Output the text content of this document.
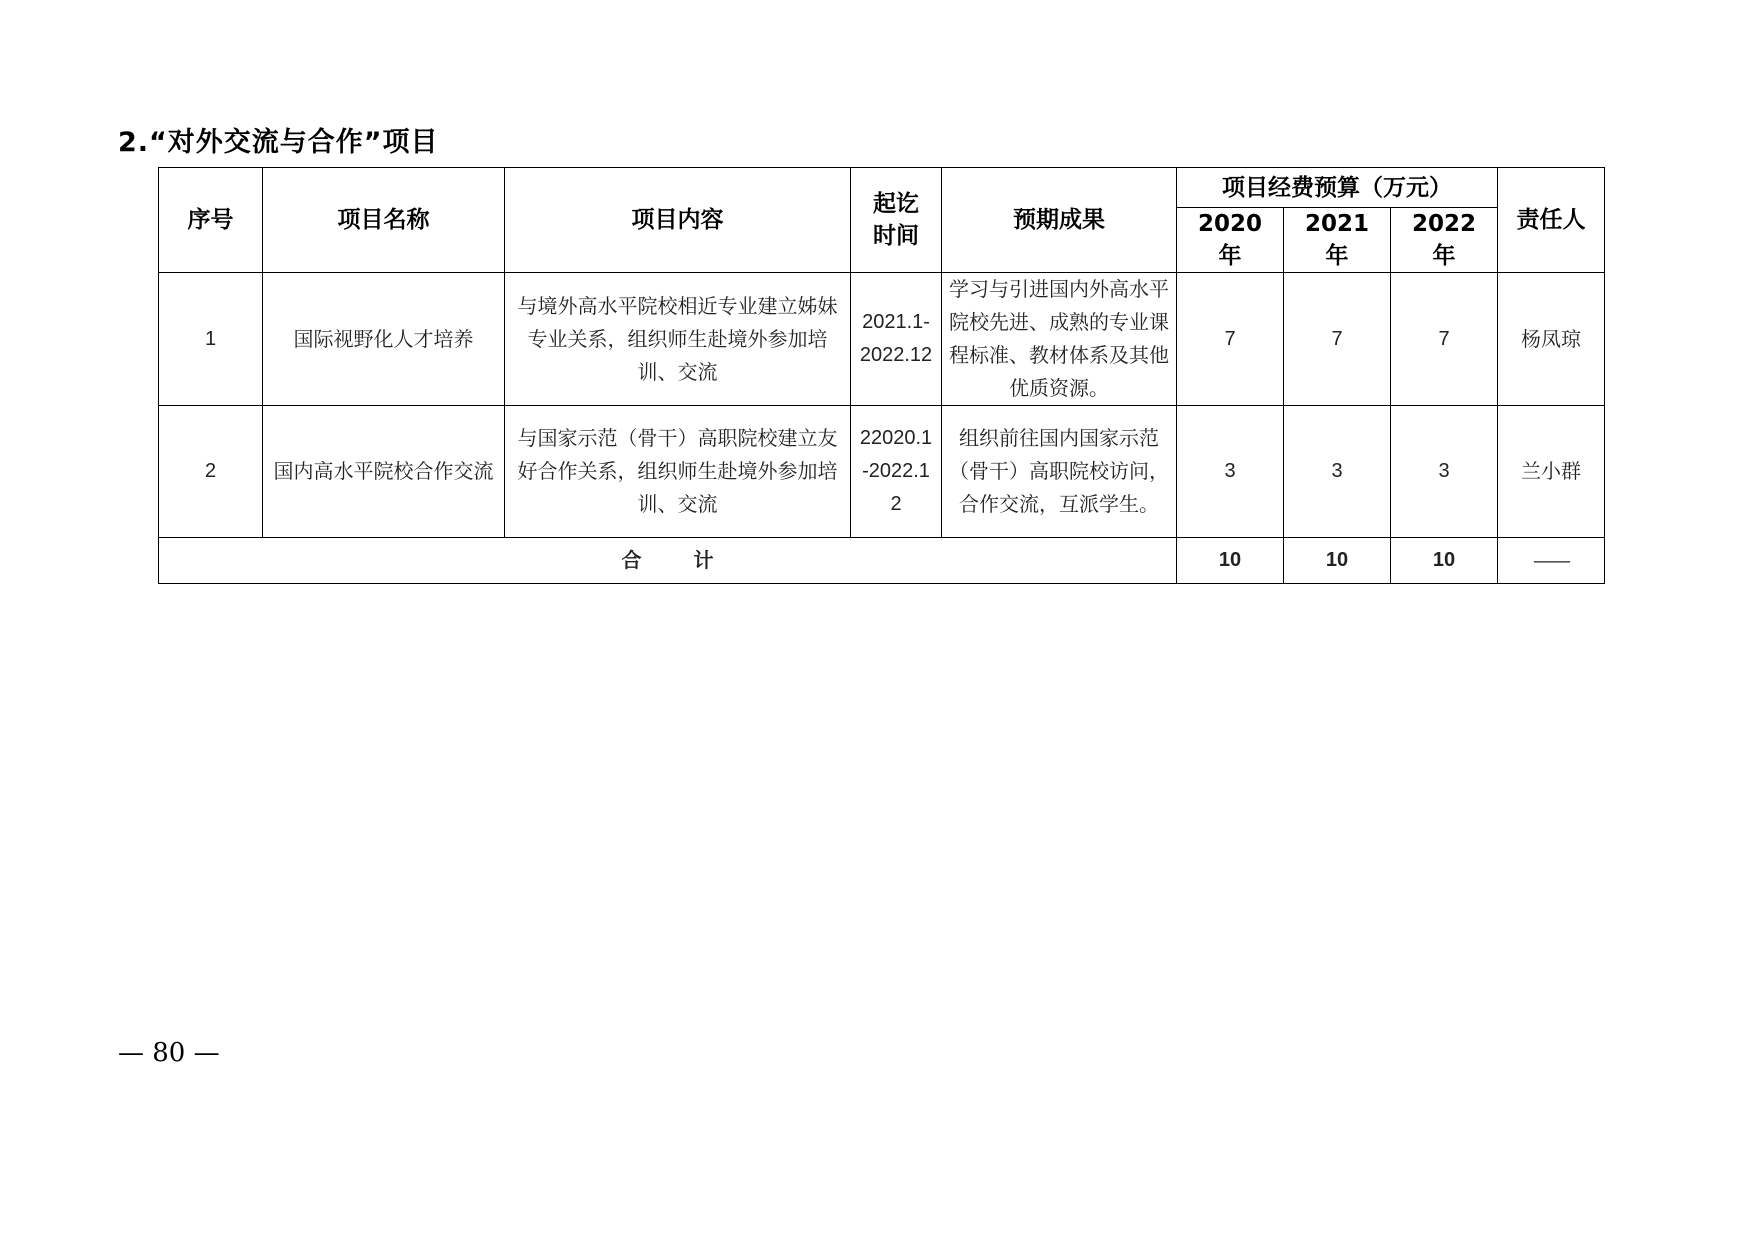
2.“对外交流与合作”项目
序号	项目名称	项目内容	起讫时间	预期成果	项目经费预算（万元）			责任人
					2020 年	2021 年	2022 年	
1	国际视野化人才培养	与境外高水平院校相近专业建立姊妹专业关系，组织师生赴境外参加培训、交流	2021.1-2022.12	学习与引进国内外高水平院校先进、成熟的专业课程标准、教材体系及其他优质资源。	7	7	7	杨凤琼
2	国内高水平院校合作交流	与国家示范（骨干）高职院校建立友好合作关系，组织师生赴境外参加培训、交流	22020.1-2022.12	组织前往国内国家示范（骨干）高职院校访问，合作交流，互派学生。	3	3	3	兰小群
合计					10	10	10	——
— 80 —
